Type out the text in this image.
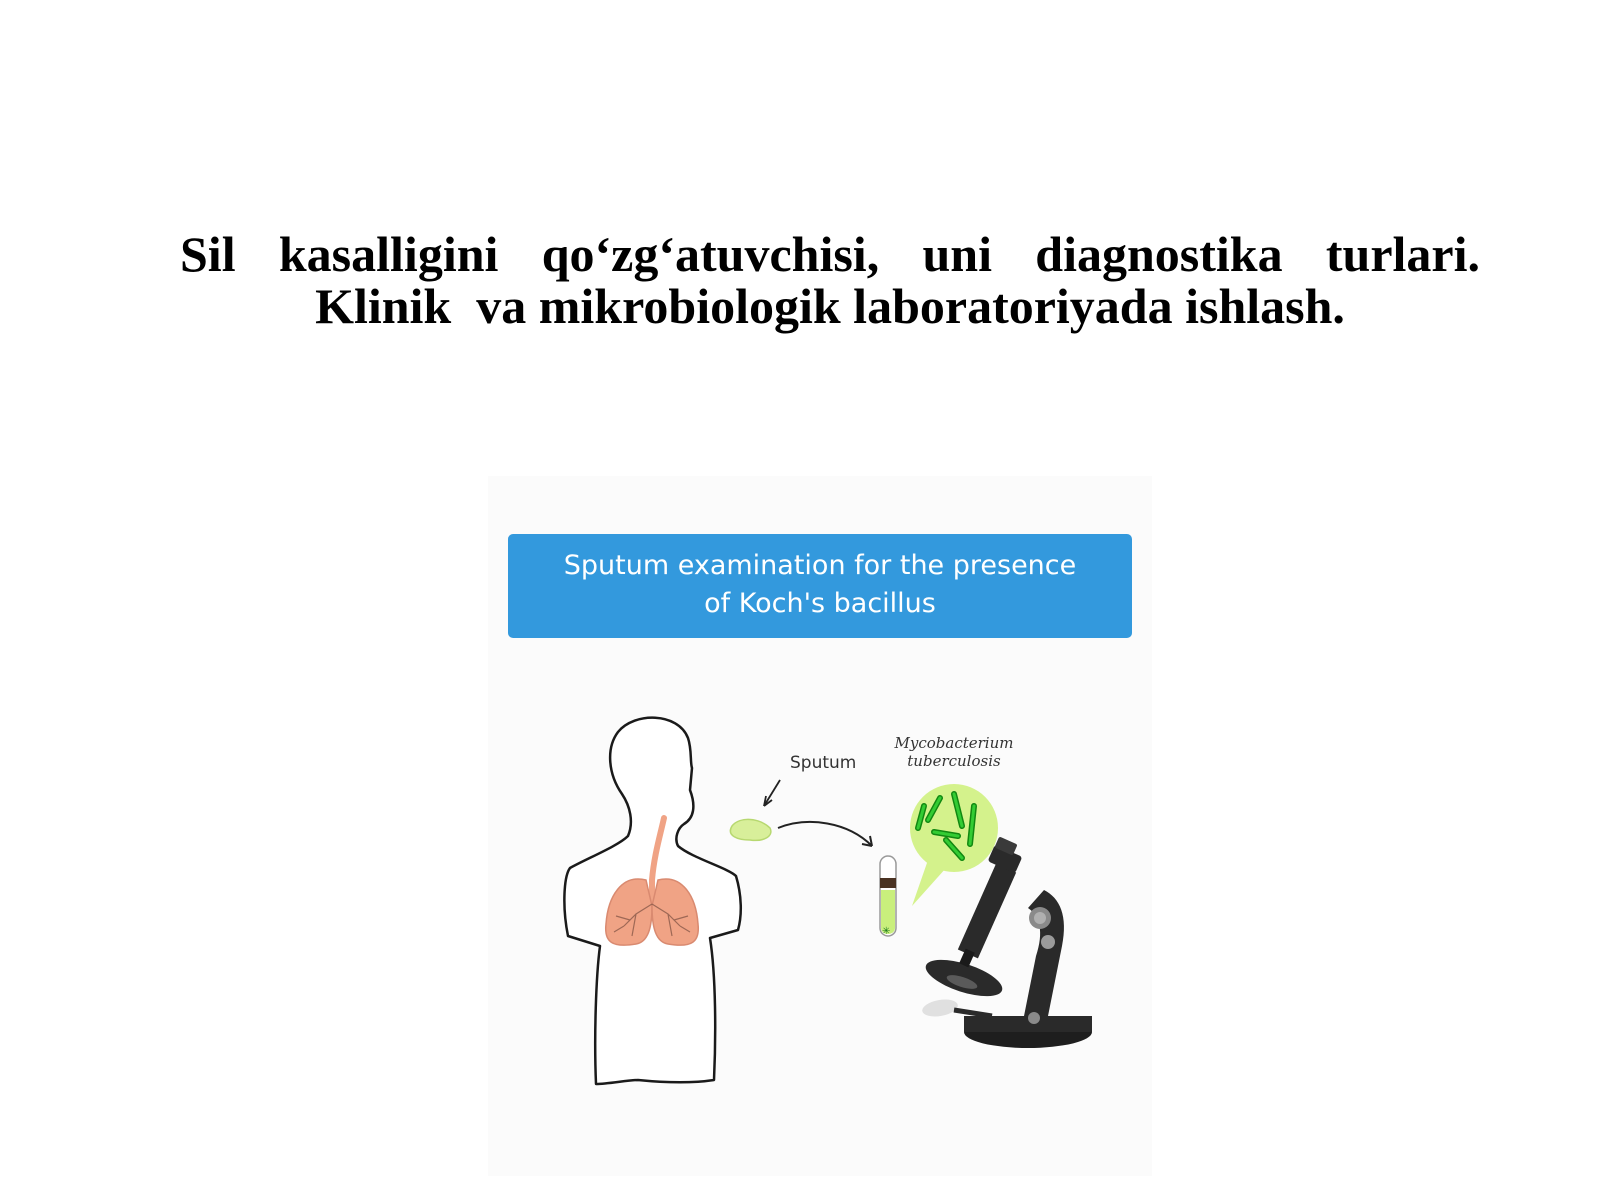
Sil kasalligini qo‘zg‘atuvchisi, uni diagnostika turlari.
Klinik  va mikrobiologik laboratoriyada ishlash.
Sputum examination for the presence
of Koch's bacillus
Sputum
✳
Mycobacterium
tuberculosis
